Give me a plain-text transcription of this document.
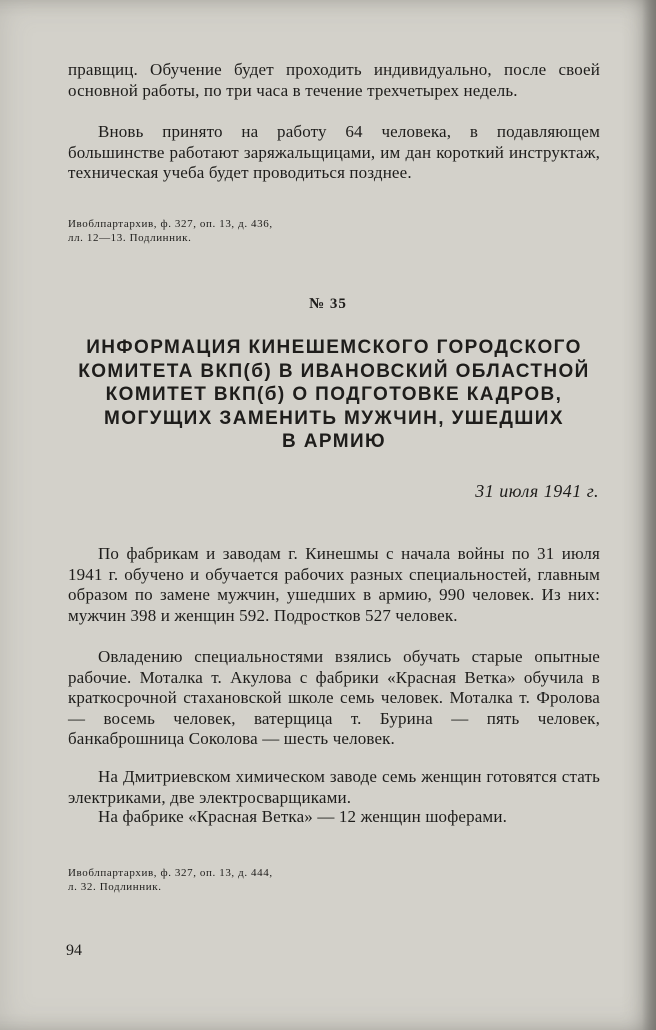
правщиц. Обучение будет проходить индивидуально, после своей основной работы, по три часа в течение трехчетырех недель.

Вновь принято на работу 64 человека, в подавляющем большинстве работают заряжальщицами, им дан короткий инструктаж, техническая учеба будет проводиться позднее.

Ивоблпартархив, ф. 327, оп. 13, д. 436,
лл. 12—13. Подлинник.
№ 35
ИНФОРМАЦИЯ КИНЕШЕМСКОГО ГОРОДСКОГО
КОМИТЕТА ВКП(б) В ИВАНОВСКИЙ ОБЛАСТНОЙ
КОМИТЕТ ВКП(б) О ПОДГОТОВКЕ КАДРОВ,
МОГУЩИХ ЗАМЕНИТЬ МУЖЧИН, УШЕДШИХ
В АРМИЮ
31 июля 1941 г.

По фабрикам и заводам г. Кинешмы с начала войны по 31 июля 1941 г. обучено и обучается рабочих разных специальностей, главным образом по замене мужчин, ушедших в армию, 990 человек. Из них: мужчин 398 и женщин 592. Подростков 527 человек.

Овладению специальностями взялись обучать старые опытные рабочие. Моталка т. Акулова с фабрики «Красная Ветка» обучила в краткосрочной стахановской школе семь человек. Моталка т. Фролова — восемь человек, ватерщица т. Бурина — пять человек, банкаброшница Соколова — шесть человек.

На Дмитриевском химическом заводе семь женщин готовятся стать электриками, две электросварщиками.

На фабрике «Красная Ветка» — 12 женщин шоферами.

Ивоблпартархив, ф. 327, оп. 13, д. 444,
л. 32. Подлинник.
94
